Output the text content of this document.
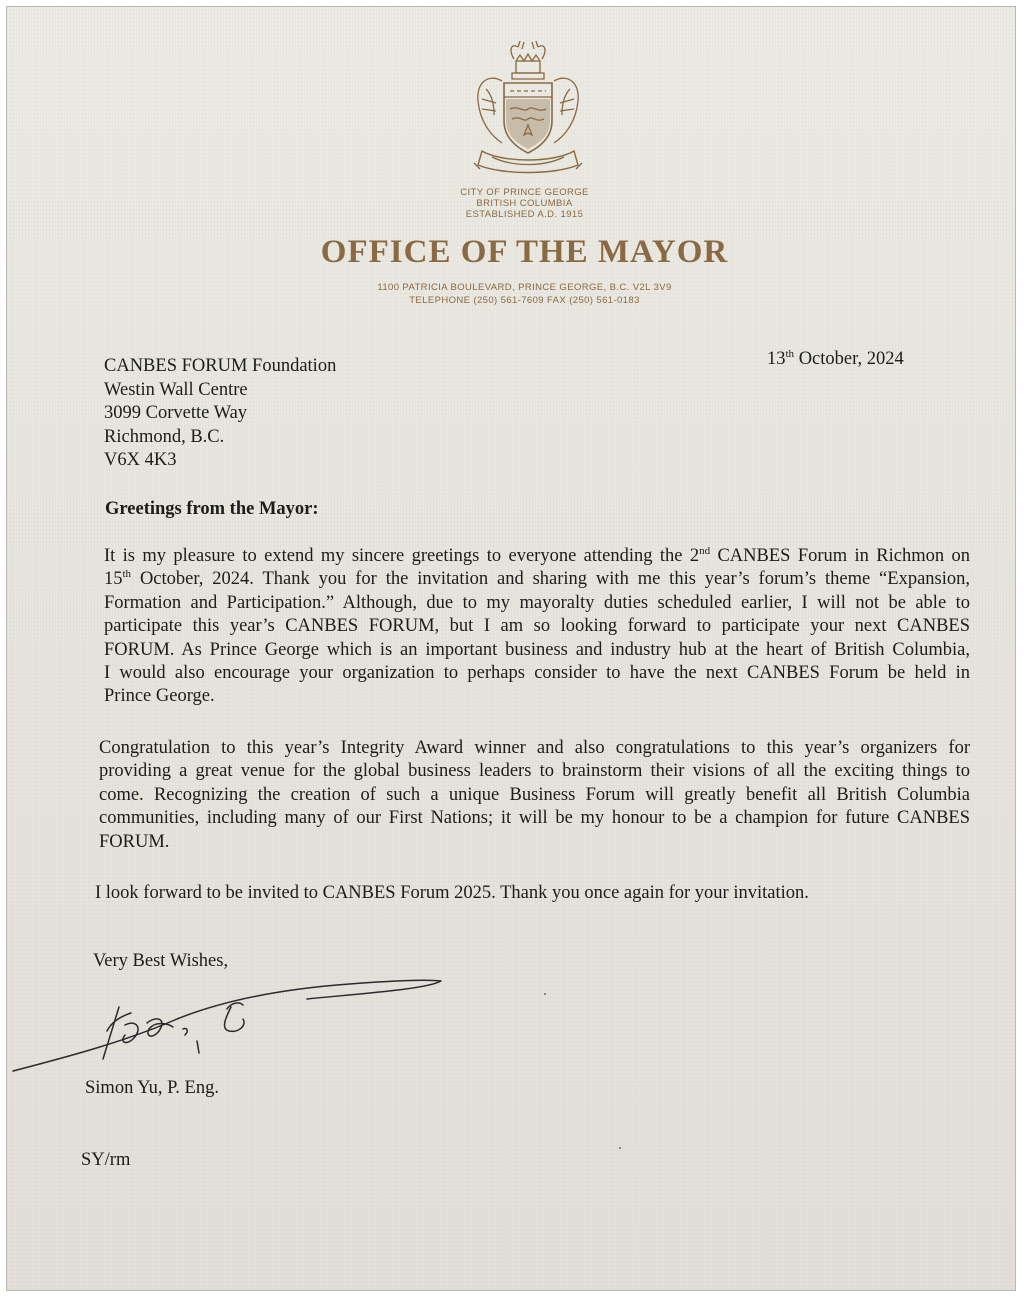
CITY OF PRINCE GEORGE
BRITISH COLUMBIA
ESTABLISHED A.D. 1915
OFFICE OF THE MAYOR
1100 PATRICIA BOULEVARD, PRINCE GEORGE, B.C. V2L 3V9
TELEPHONE (250) 561-7609 FAX (250) 561-0183
CANBES FORUM Foundation
Westin Wall Centre
3099 Corvette Way
Richmond, B.C.
V6X 4K3
13th October, 2024
Greetings from the Mayor:
It is my pleasure to extend my sincere greetings to everyone attending the 2nd CANBES Forum in Richmon on
15th October, 2024. Thank you for the invitation and sharing with me this year’s forum’s theme “Expansion,
Formation and Participation.” Although, due to my mayoralty duties scheduled earlier, I will not be able to
participate this year’s CANBES FORUM, but I am so looking forward to participate your next CANBES
FORUM. As Prince George which is an important business and industry hub at the heart of British Columbia,
I would also encourage your organization to perhaps consider to have the next CANBES Forum be held in
Prince George.
Congratulation to this year’s Integrity Award winner and also congratulations to this year’s organizers for
providing a great venue for the global business leaders to brainstorm their visions of all the exciting things to
come. Recognizing the creation of such a unique Business Forum will greatly benefit all British Columbia
communities, including many of our First Nations; it will be my honour to be a champion for future CANBES
FORUM.
I look forward to be invited to CANBES Forum 2025. Thank you once again for your invitation.
Very Best Wishes,
Simon Yu, P. Eng.
SY/rm
